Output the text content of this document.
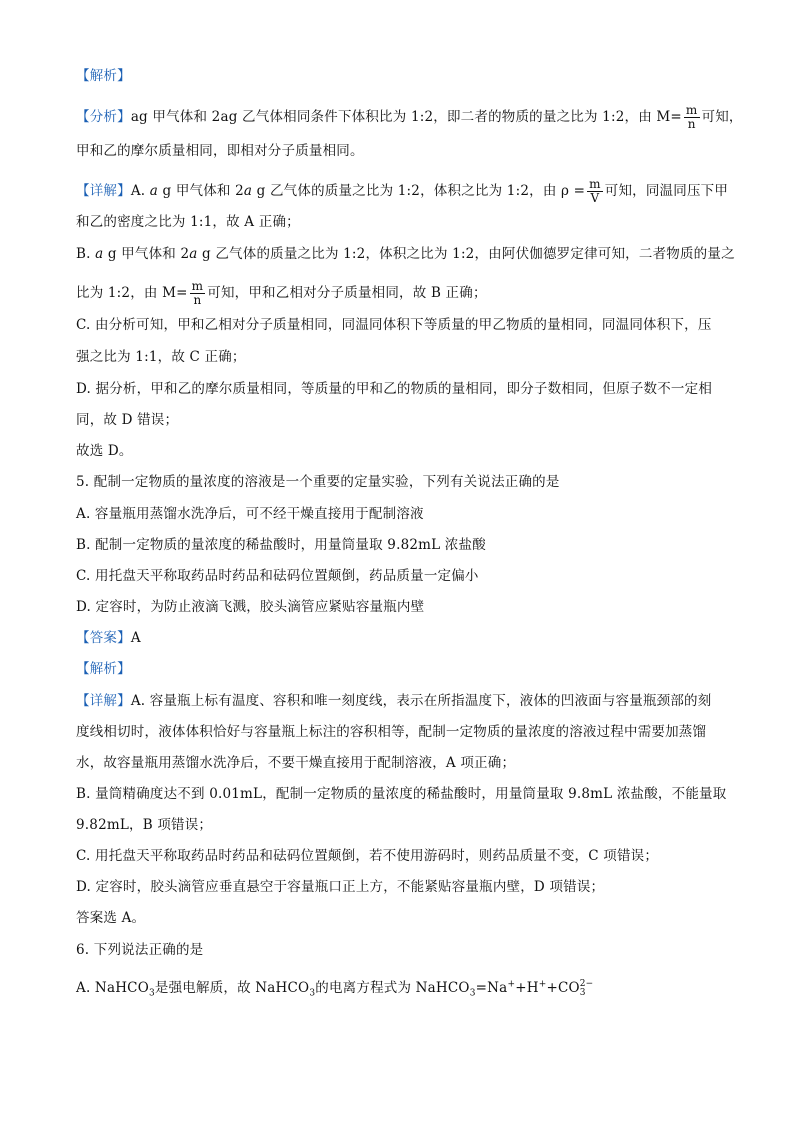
【解析】
【分析】ag 甲气体和 2ag 乙气体相同条件下体积比为 1:2，即二者的物质的量之比为 1:2，由 $M= \frac{m}{n}$ 可知，
甲和乙的摩尔质量相同，即相对分子质量相同。
【详解】A. a g 甲气体和 2a g 乙气体的质量之比为 1:2，体积之比为 1:2，由 $\rho = \frac{m}{V}$ 可知，同温同压下甲
和乙的密度之比为 1:1，故 A 正确；
B. a g 甲气体和 2a g 乙气体的质量之比为 1:2，体积之比为 1:2，由阿伏伽德罗定律可知，二者物质的量之
比为 1:2，由 $M= \frac{m}{n}$ 可知，甲和乙相对分子质量相同，故 B 正确；
C. 由分析可知，甲和乙相对分子质量相同，同温同体积下等质量的甲乙物质的量相同，同温同体积下，压
强之比为 1:1，故 C 正确；
D. 据分析，甲和乙的摩尔质量相同，等质量的甲和乙的物质的量相同，即分子数相同，但原子数不一定相
同，故 D 错误；
故选 D。
5. 配制一定物质的量浓度的溶液是一个重要的定量实验，下列有关说法正确的是
A. 容量瓶用蒸馏水洗净后，可不经干燥直接用于配制溶液
B. 配制一定物质的量浓度的稀盐酸时，用量筒量取 9.82mL 浓盐酸
C. 用托盘天平称取药品时药品和砝码位置颠倒，药品质量一定偏小
D. 定容时，为防止液滴飞溅，胶头滴管应紧贴容量瓶内壁
【答案】A
【解析】
【详解】A. 容量瓶上标有温度、容积和唯一刻度线，表示在所指温度下，液体的凹液面与容量瓶颈部的刻
度线相切时，液体体积恰好与容量瓶上标注的容积相等，配制一定物质的量浓度的溶液过程中需要加蒸馏
水，故容量瓶用蒸馏水洗净后，不要干燥直接用于配制溶液，A 项正确；
B. 量筒精确度达不到 0.01mL，配制一定物质的量浓度的稀盐酸时，用量筒量取 9.8mL 浓盐酸，不能量取
9.82mL，B 项错误；
C. 用托盘天平称取药品时药品和砝码位置颠倒，若不使用游码时，则药品质量不变，C 项错误；
D. 定容时，胶头滴管应垂直悬空于容量瓶口正上方，不能紧贴容量瓶内壁，D 项错误；
答案选 A。
6. 下列说法正确的是
A. NaHCO$_3$是强电解质，故 NaHCO$_3$的电离方程式为 NaHCO$_3$=Na++H++CO 2−
3
